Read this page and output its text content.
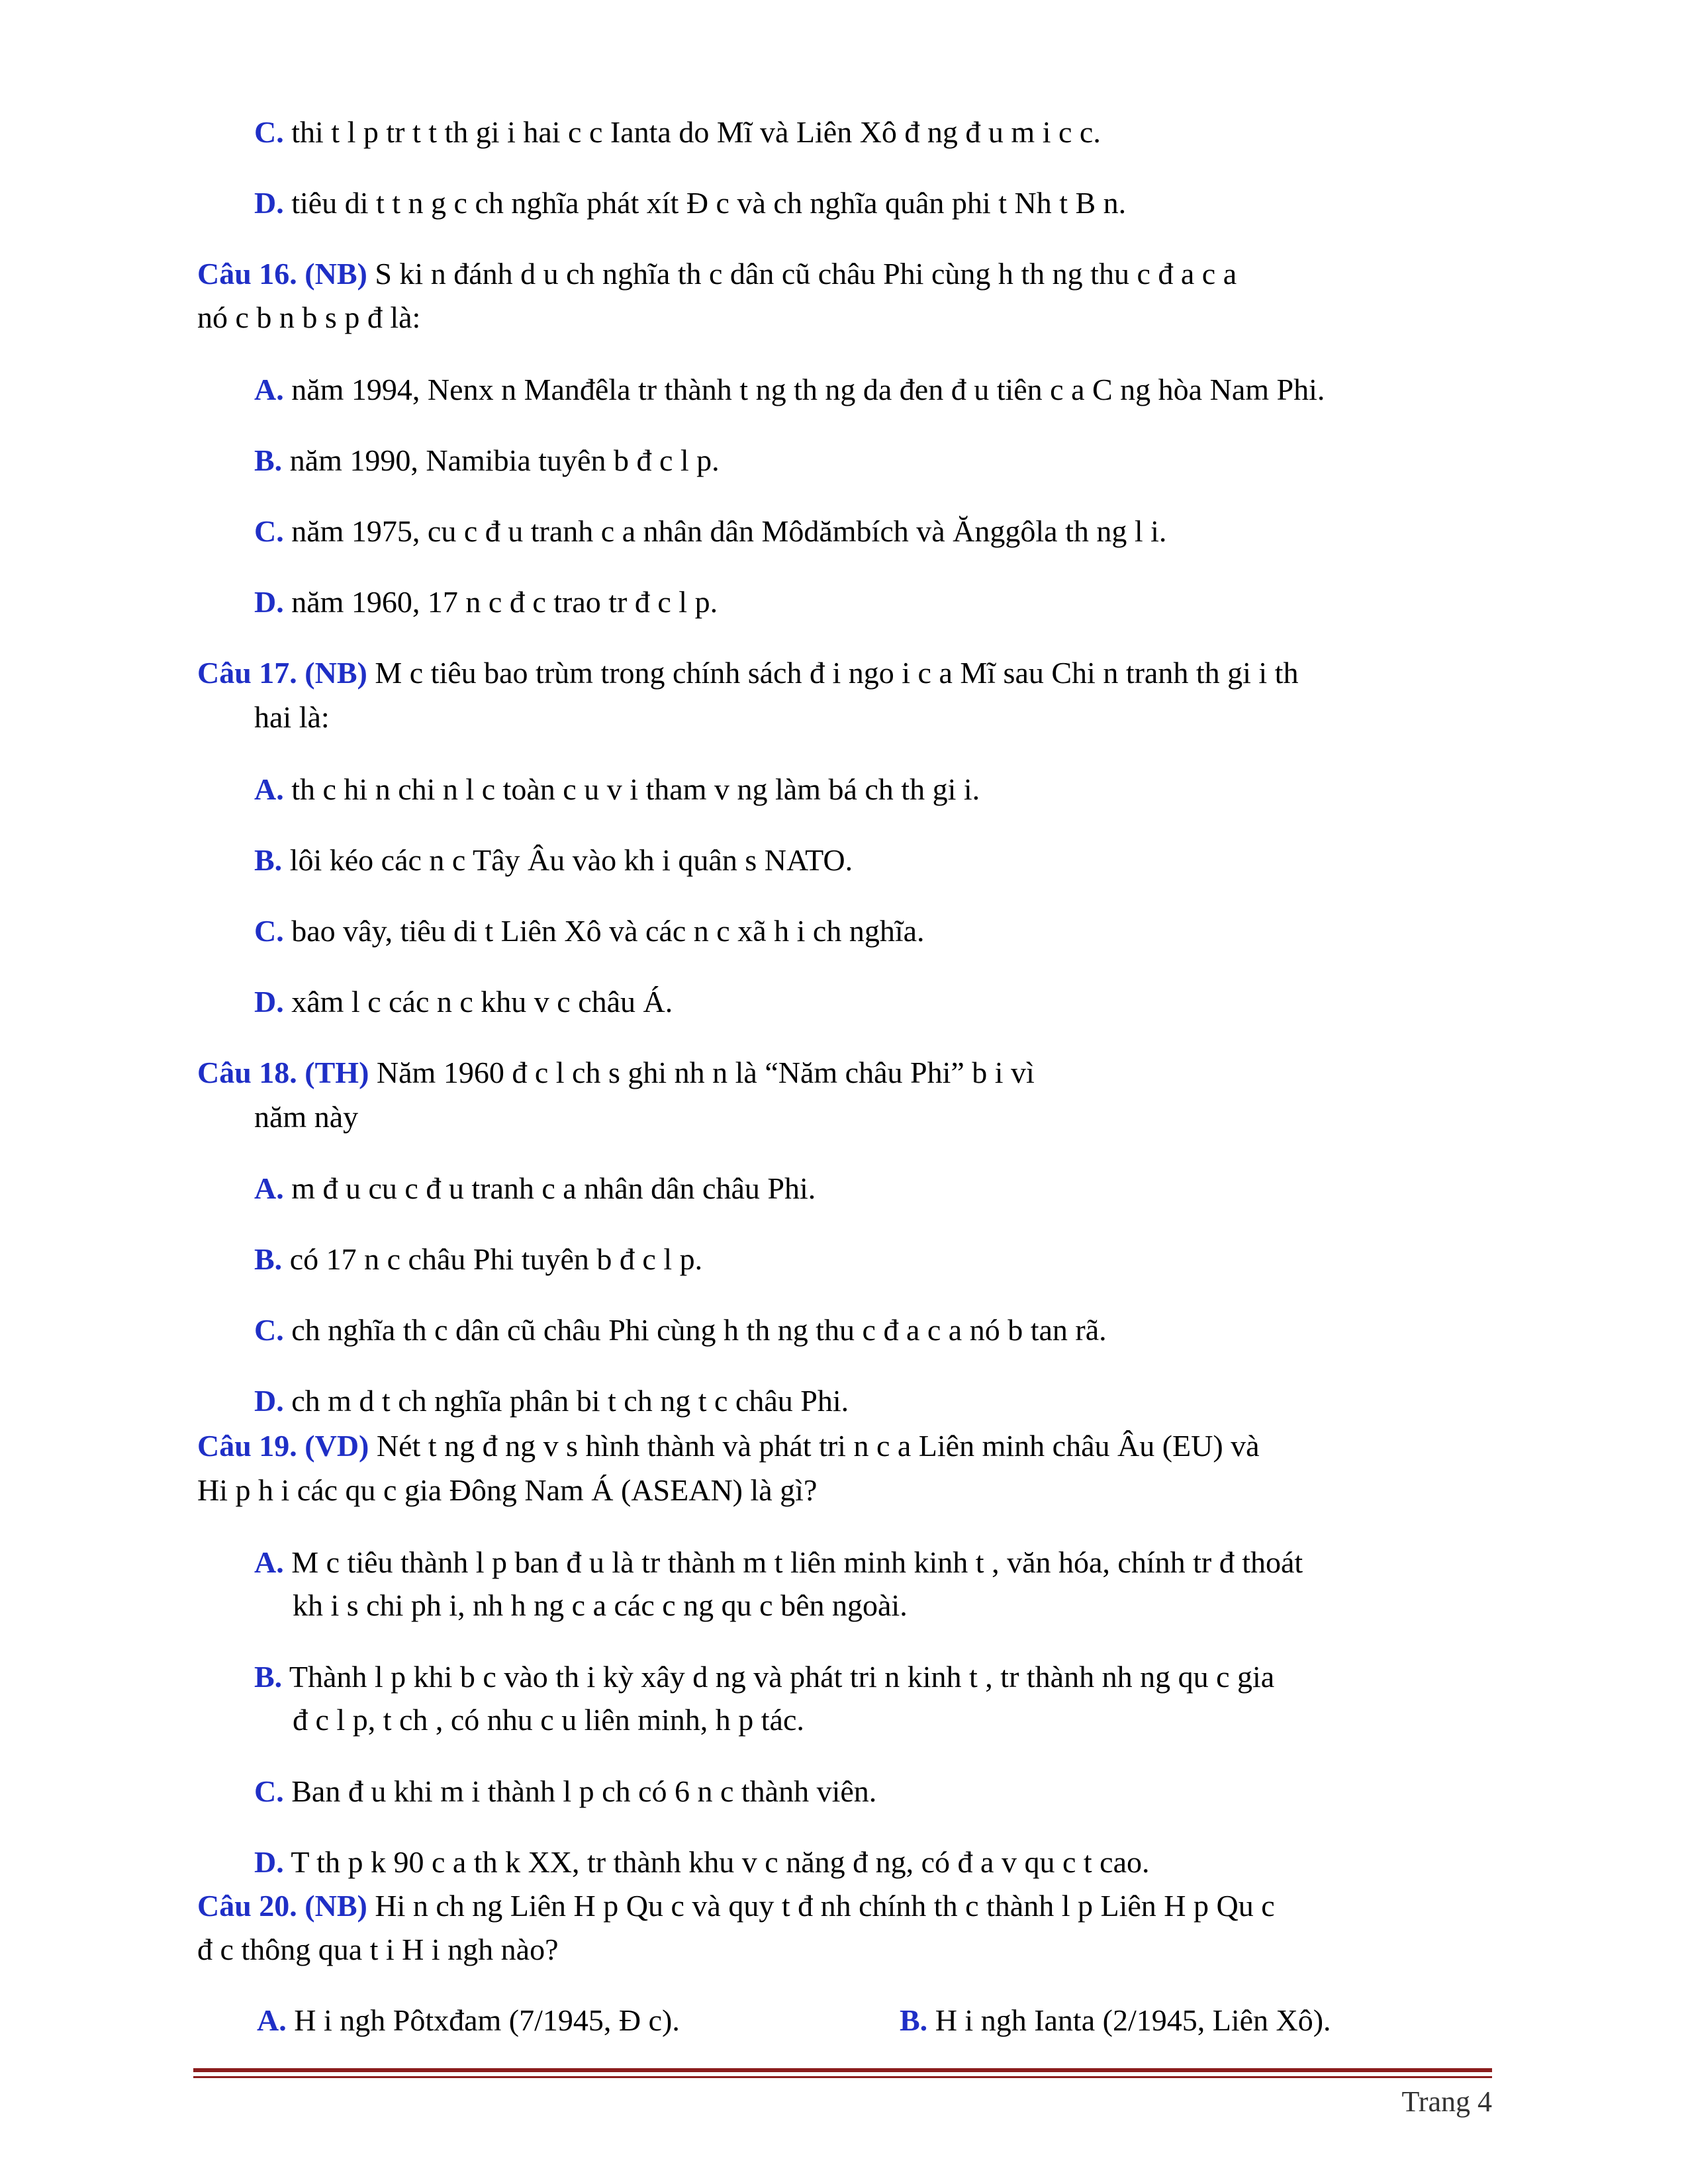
C. thi t l p tr t t th gi i hai c c Ianta do Mĩ và Liên Xô đ ng đ u m i c c.
D. tiêu di t t n g c ch nghĩa phát xít Đ c và ch nghĩa quân phi t Nh t B n.
Câu 16. (NB) S ki n đánh d u ch nghĩa th c dân cũ châu Phi cùng h th ng thu c đ a c a
nó c b n b s p đ là:
A. năm 1994, Nenx n Manđêla tr thành t ng th ng da đen đ u tiên c a C ng hòa Nam Phi.
B. năm 1990, Namibia tuyên b đ c l p.
C. năm 1975, cu c đ u tranh c a nhân dân Môdămbích và Ănggôla th ng l i.
D. năm 1960, 17 n c đ c trao tr đ c l p.
Câu 17. (NB) M c tiêu bao trùm trong chính sách đ i ngo i c a Mĩ sau Chi n tranh th gi i th
hai là:
A. th c hi n chi n l c toàn c u v i tham v ng làm bá ch th gi i.
B. lôi kéo các n c Tây Âu vào kh i quân s NATO.
C. bao vây, tiêu di t Liên Xô và các n c xã h i ch nghĩa.
D. xâm l c các n c khu v c châu Á.
Câu 18. (TH) Năm 1960 đ c l ch s ghi nh n là “Năm châu Phi” b i vì
năm này
A. m đ u cu c đ u tranh c a nhân dân châu Phi.
B. có 17 n c châu Phi tuyên b đ c l p.
C. ch nghĩa th c dân cũ châu Phi cùng h th ng thu c đ a c a nó b tan rã.
D. ch m d t ch nghĩa phân bi t ch ng t c châu Phi.
Câu 19. (VD) Nét t ng đ ng v s hình thành và phát tri n c a Liên minh châu Âu (EU) và
Hi p h i các qu c gia Đông Nam Á (ASEAN) là gì?
A. M c tiêu thành l p ban đ u là tr thành m t liên minh kinh t , văn hóa, chính tr đ thoát
kh i s chi ph i, nh h ng c a các c ng qu c bên ngoài.
B. Thành l p khi b c vào th i kỳ xây d ng và phát tri n kinh t , tr thành nh ng qu c gia
đ c l p, t ch , có nhu c u liên minh, h p tác.
C. Ban đ u khi m i thành l p ch có 6 n c thành viên.
D. T th p k 90 c a th k XX, tr thành khu v c năng đ ng, có đ a v qu c t cao.
Câu 20. (NB) Hi n ch ng Liên H p Qu c và quy t đ nh chính th c thành l p Liên H p Qu c
đ c thông qua t i H i ngh nào?
A. H i ngh Pôtxđam (7/1945, Đ c).	B. H i ngh Ianta (2/1945, Liên Xô).
Trang 4
